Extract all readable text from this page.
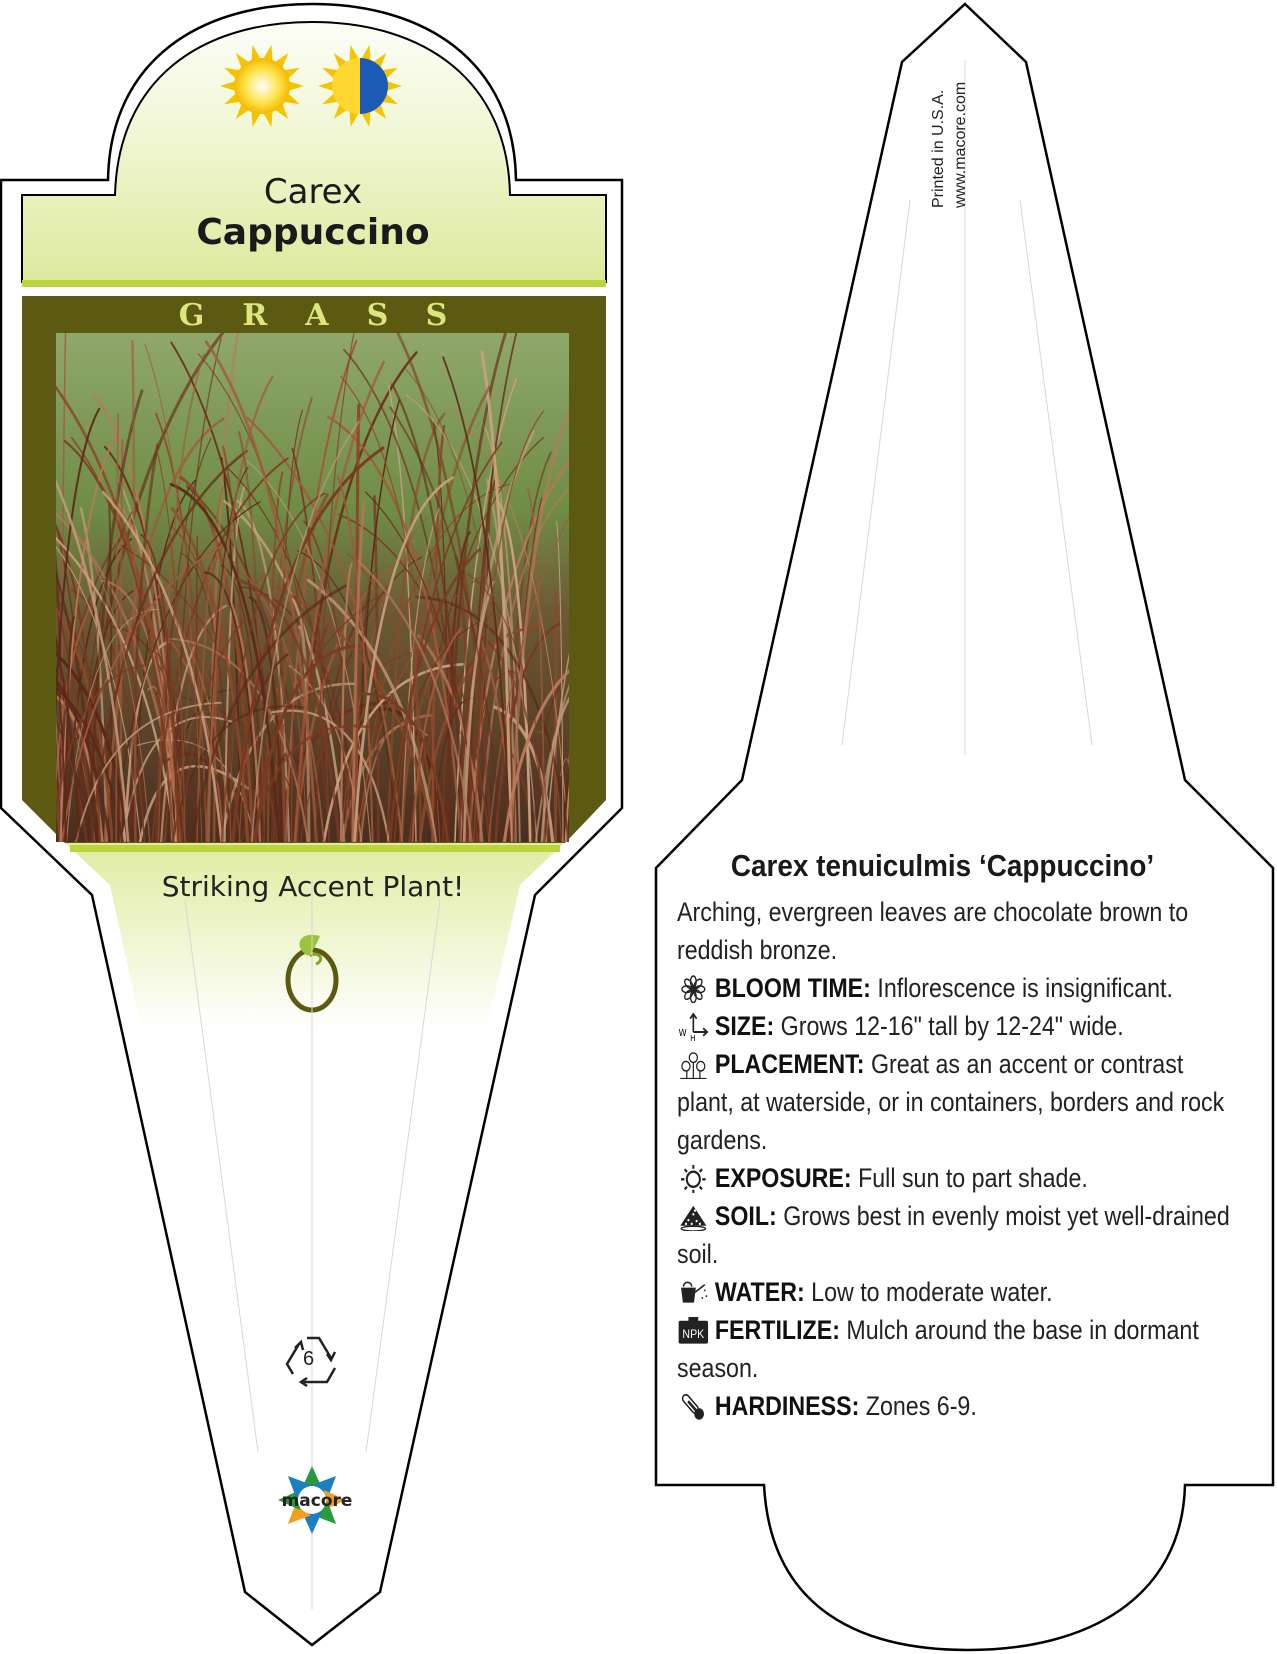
Carex
Cappuccino
GRASS
Striking Accent Plant!
6
macore
Printed in U.S.A. www.macore.com
Carex tenuiculmis ‘Cappuccino’

Arching, evergreen leaves are chocolate brown to reddish bronze.

BLOOM TIME: Inflorescence is insignificant.

W H SIZE: Grows 12-16" tall by 12-24" wide.

PLACEMENT: Great as an accent or contrast plant, at waterside, or in containers, borders and rock gardens.

EXPOSURE: Full sun to part shade.

SOIL: Grows best in evenly moist yet well-drained soil.

WATER: Low to moderate water.

NPK FERTILIZE: Mulch around the base in dormant season.

HARDINESS: Zones 6-9.
